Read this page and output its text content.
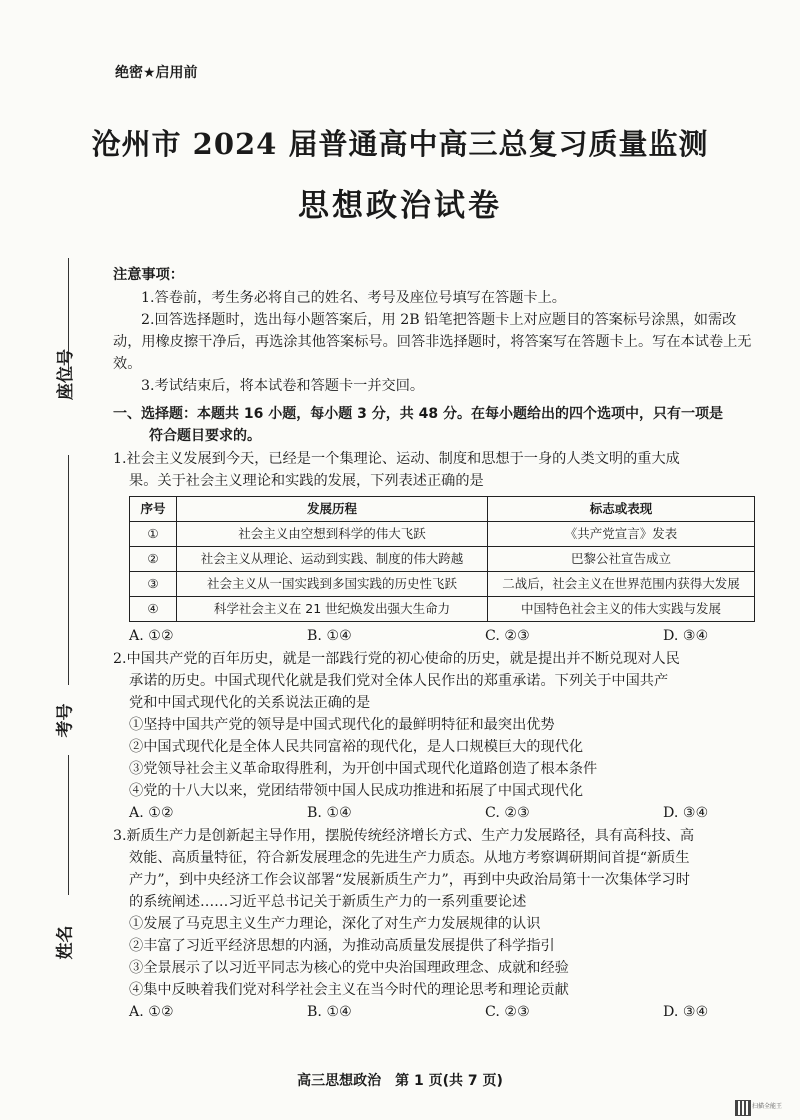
绝密★启用前
沧州市 2024 届普通高中高三总复习质量监测
思想政治试卷
座位号
考号
姓名

注意事项：

1.答卷前，考生务必将自己的姓名、考号及座位号填写在答题卡上。

2.回答选择题时，选出每小题答案后，用 2B 铅笔把答题卡上对应题目的答案标号涂黑，如需改动，用橡皮擦干净后，再选涂其他答案标号。回答非选择题时，将答案写在答题卡上。写在本试卷上无效。

3.考试结束后，将本试卷和答题卡一并交回。

一、选择题：本题共 16 小题，每小题 3 分，共 48 分。在每小题给出的四个选项中，只有一项是

符合题目要求的。

1.社会主义发展到今天，已经是一个集理论、运动、制度和思想于一身的人类文明的重大成

果。关于社会主义理论和实践的发展，下列表述正确的是

序号	发展历程	标志或表现
①	社会主义由空想到科学的伟大飞跃	《共产党宣言》发表
②	社会主义从理论、运动到实践、制度的伟大跨越	巴黎公社宣告成立
③	社会主义从一国实践到多国实践的历史性飞跃	二战后，社会主义在世界范围内获得大发展
④	科学社会主义在 21 世纪焕发出强大生命力	中国特色社会主义的伟大实践与发展
A. ①②	B. ①④	C. ②③	D. ③④

2.中国共产党的百年历史，就是一部践行党的初心使命的历史，就是提出并不断兑现对人民

承诺的历史。中国式现代化就是我们党对全体人民作出的郑重承诺。下列关于中国共产

党和中国式现代化的关系说法正确的是

①坚持中国共产党的领导是中国式现代化的最鲜明特征和最突出优势

②中国式现代化是全体人民共同富裕的现代化，是人口规模巨大的现代化

③党领导社会主义革命取得胜利，为开创中国式现代化道路创造了根本条件

④党的十八大以来，党团结带领中国人民成功推进和拓展了中国式现代化

A. ①②	B. ①④	C. ②③	D. ③④

3.新质生产力是创新起主导作用，摆脱传统经济增长方式、生产力发展路径，具有高科技、高

效能、高质量特征，符合新发展理念的先进生产力质态。从地方考察调研期间首提“新质生

产力”，到中央经济工作会议部署“发展新质生产力”，再到中央政治局第十一次集体学习时

的系统阐述……习近平总书记关于新质生产力的一系列重要论述

①发展了马克思主义生产力理论，深化了对生产力发展规律的认识

②丰富了习近平经济思想的内涵，为推动高质量发展提供了科学指引

③全景展示了以习近平同志为核心的党中央治国理政理念、成就和经验

④集中反映着我们党对科学社会主义在当今时代的理论思考和理论贡献

A. ①②	B. ①④	C. ②③	D. ③④
高三思想政治　第 1 页(共 7 页)
扫描全能王
